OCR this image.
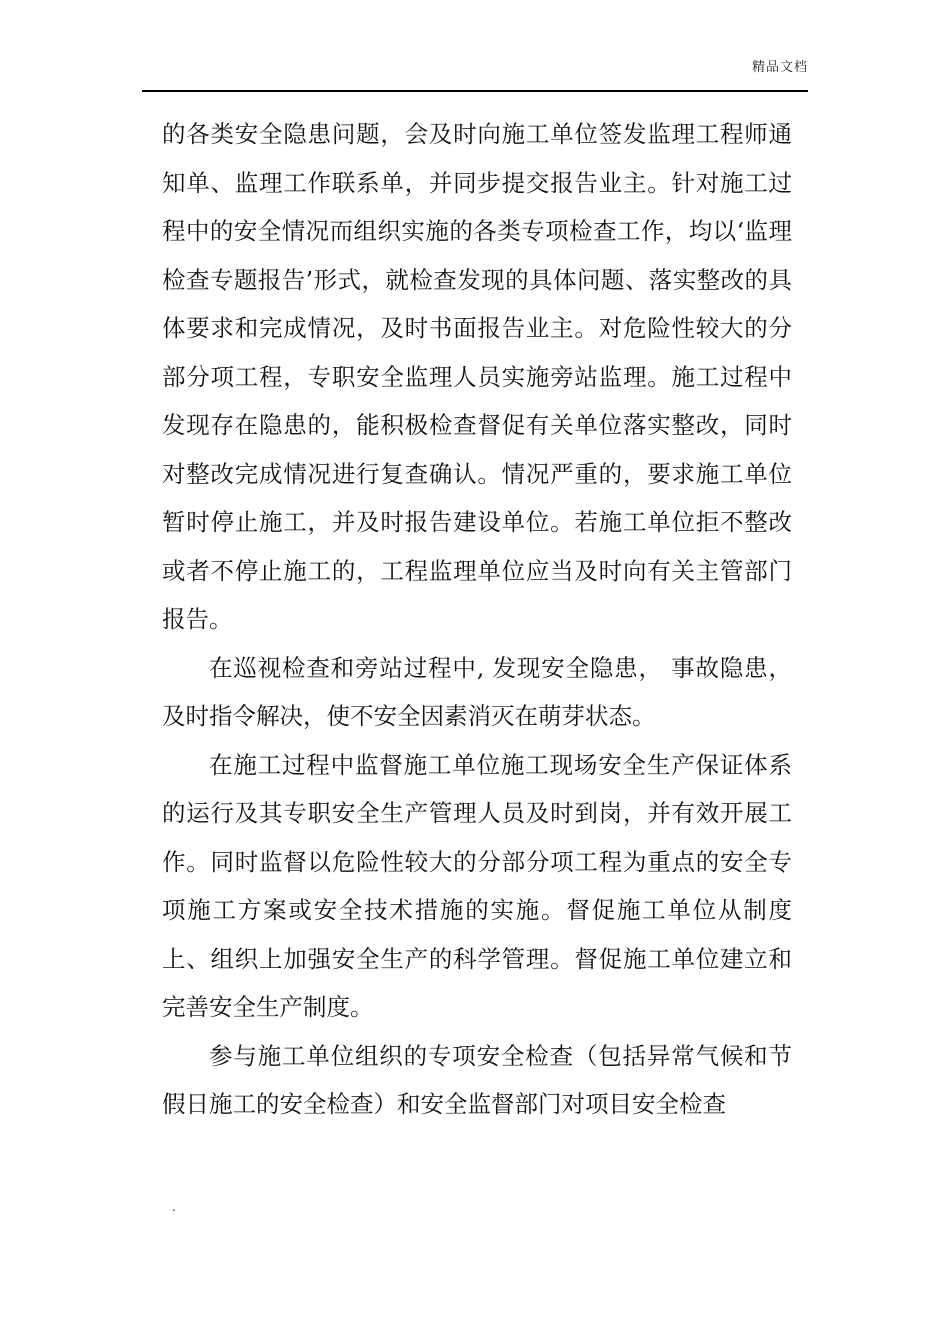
精品文档

的各类安全隐患问题，会及时向施工单位签发监理工程师通知单、监理工作联系单，并同步提交报告业主。针对施工过程中的安全情况而组织实施的各类专项检查工作，均以‘监理检查专题报告’形式，就检查发现的具体问题、落实整改的具体要求和完成情况，及时书面报告业主。对危险性较大的分部分项工程，专职安全监理人员实施旁站监理。施工过程中发现存在隐患的，能积极检查督促有关单位落实整改，同时对整改完成情况进行复查确认。情况严重的，要求施工单位暂时停止施工，并及时报告建设单位。若施工单位拒不整改或者不停止施工的，工程监理单位应当及时向有关主管部门报告。

在巡视检查和旁站过程中, 发现安全隐患， 事故隐患，及时指令解决，使不安全因素消灭在萌芽状态。

在施工过程中监督施工单位施工现场安全生产保证体系的运行及其专职安全生产管理人员及时到岗，并有效开展工作。同时监督以危险性较大的分部分项工程为重点的安全专项施工方案或安全技术措施的实施。督促施工单位从制度上、组织上加强安全生产的科学管理。督促施工单位建立和完善安全生产制度。

参与施工单位组织的专项安全检查（包括异常气候和节假日施工的安全检查）和安全监督部门对项目安全检查

.
